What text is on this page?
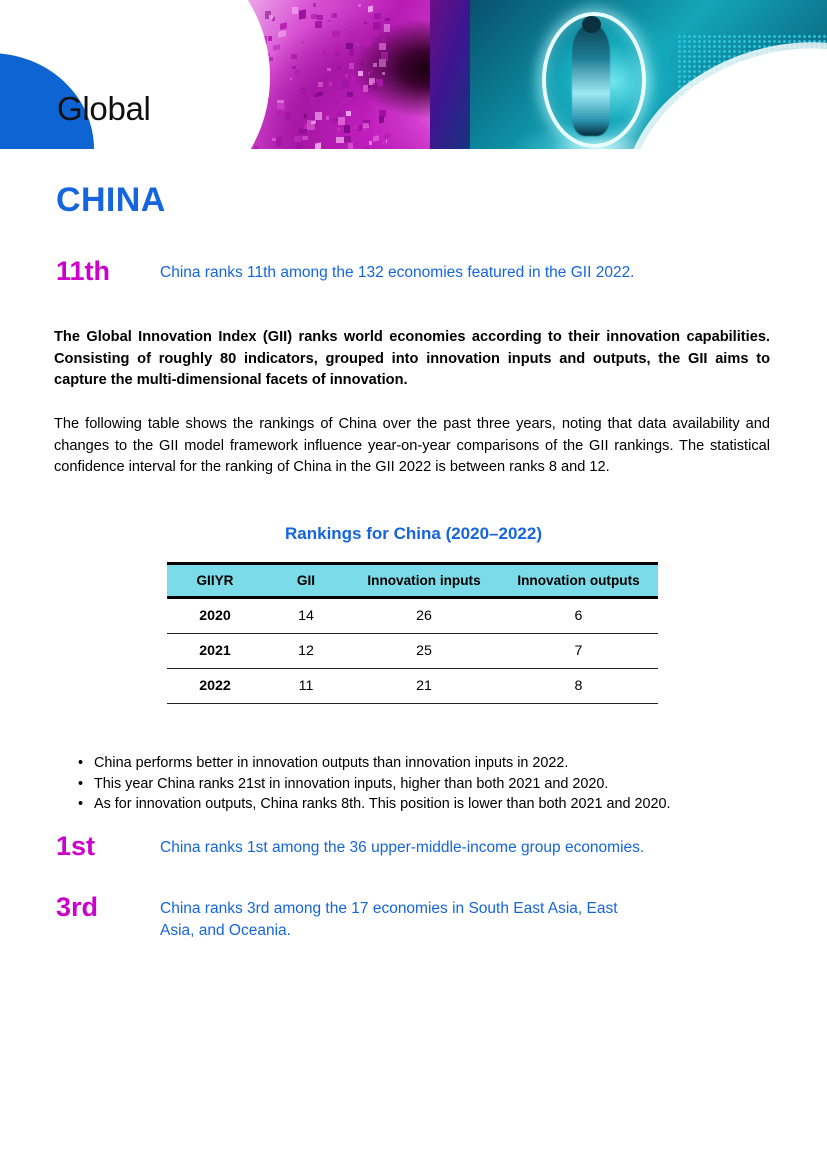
Global

CHINA
11th	China ranks 11th among the 132 economies featured in the GII 2022.
The Global Innovation Index (GII) ranks world economies according to their innovation capabilities. Consisting of roughly 80 indicators, grouped into innovation inputs and outputs, the GII aims to capture the multi-dimensional facets of innovation.
The following table shows the rankings of China over the past three years, noting that data availability and changes to the GII model framework influence year-on-year comparisons of the GII rankings. The statistical confidence interval for the ranking of China in the GII 2022 is between ranks 8 and 12.
Rankings for China (2020–2022)
GIIYR	GII	Innovation inputs	Innovation outputs
2020	14	26	6
2021	12	25	7
2022	11	21	8
• China performs better in innovation outputs than innovation inputs in 2022.
• This year China ranks 21st in innovation inputs, higher than both 2021 and 2020.
• As for innovation outputs, China ranks 8th. This position is lower than both 2021 and 2020.
1st	China ranks 1st among the 36 upper-middle-income group economies.
3rd	China ranks 3rd among the 17 economies in South East Asia, East Asia, and Oceania.
